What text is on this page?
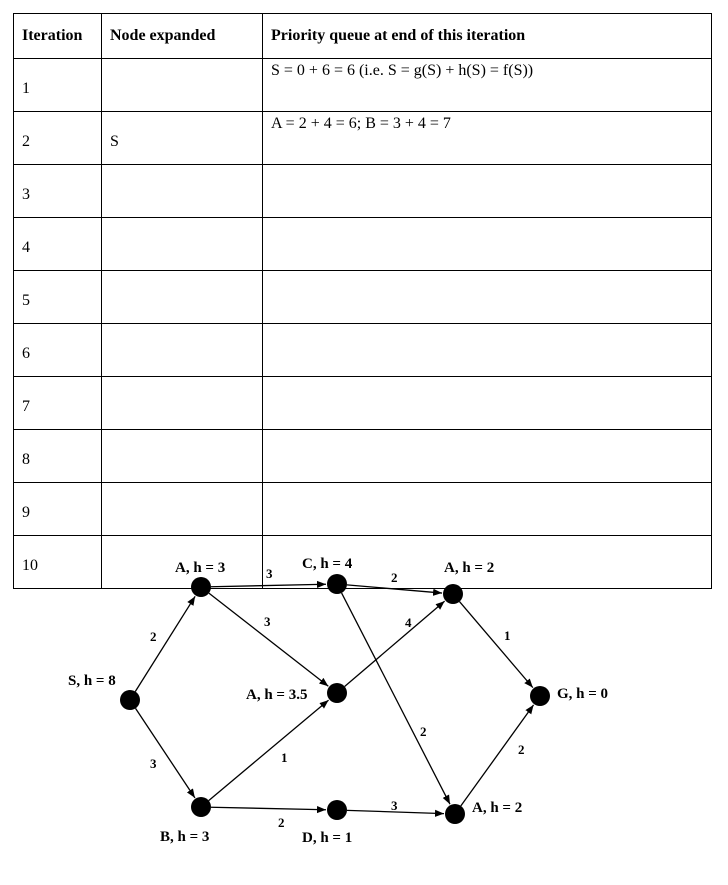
Iteration	Node expanded	Priority queue at end of this iteration
1		S = 0 + 6 = 6 (i.e. S = g(S) + h(S) = f(S))
2	S	A = 2 + 4 = 6; B = 3 + 4 = 7
3		
4		
5		
6		
7		
8		
9		
10		
2
3
3
3
1
2
2
2
4
3
1
2
S, h = 8
A, h = 3
B, h = 3
C, h = 4
A, h = 3.5
D, h = 1
A, h = 2
A, h = 2
G, h = 0
